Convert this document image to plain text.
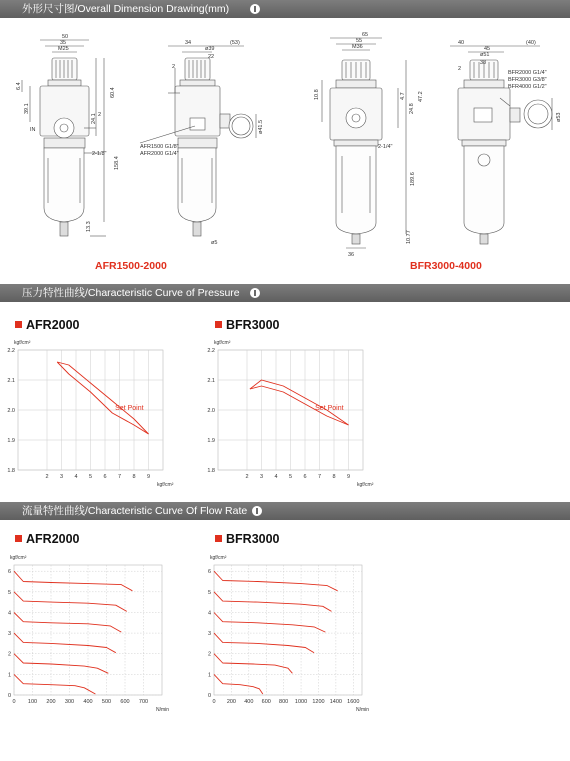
外形尺寸图/Overall Dimension Drawing(mm)
压力特性曲线/Characteristic Curve of Pressure
流量特性曲线/Characteristic Curve Of Flow Rate
50
35
M25
6.4
39.1
60.4
24.1
158.4
13.3
IN
2
2-1/8"
34	(53)
ø39
22
ø41.5
ø5
2
AFR1500 G1/8"
AFR2000 G1/4"
AFR1500-2000
65
55
M36
10.8	4.7 47.2
24.8
189.6
10.77
36
2-1/4"
40
45
(40)
ø51
38
ø53
2
BFR2000 G1/4"
BFR3000 G3/8"
BFR4000 G1/2"
BFR3000-4000
AFR2000	BFR3000
AFR2000	BFR3000
2 3 4 5 6 7 8 9
2.2
2.1
2.0
1.9
1.8
kgf/cm²
kgf/cm²
Set Point
2 3 4 5 6 7 8 9
2.2
2.1
2.0
1.9
1.8
kgf/cm²
kgf/cm²
Set Point
0 100 200 300 400 500 600 700
6
5
4
3
2
1
0
kgf/cm²
N/min
0 200 400 600 800 1000 1200 1400 1600
6
5
4
3
2
1
0
kgf/cm²
N/min
